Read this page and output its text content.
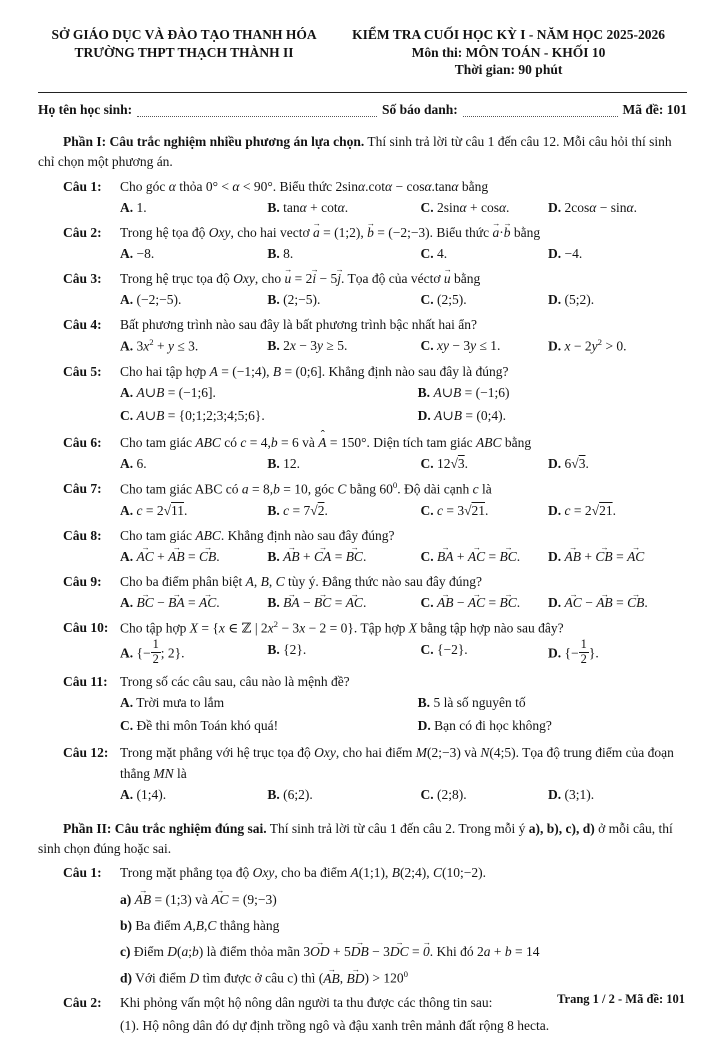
SỞ GIÁO DỤC VÀ ĐÀO TẠO THANH HÓA
TRƯỜNG THPT THẠCH THÀNH II
KIỂM TRA CUỐI HỌC KỲ I - NĂM HỌC 2025-2026
Môn thi: MÔN TOÁN - KHỐI 10
Thời gian: 90 phút
Họ tên học sinh:	Số báo danh:	Mã đề: 101

Phần I: Câu trắc nghiệm nhiều phương án lựa chọn. Thí sinh trả lời từ câu 1 đến câu 12. Mỗi câu hỏi thí sinh chỉ chọn một phương án.

Câu 1:	Cho góc α thỏa 0° < α < 90°. Biểu thức 2sinα.cotα − cosα.tanα bằng
A. 1.	B. tanα + cotα.	C. 2sinα + cosα.	D. 2cosα − sinα.
Câu 2:	Trong hệ tọa độ Oxy, cho hai vectơ → a = (1;2), → b = (−2;−3). Biểu thức → a·→ b bằng
A. −8.	B. 8.	C. 4.	D. −4.
Câu 3:	Trong hệ trục tọa độ Oxy, cho → u = 2→ i − 5→ j. Tọa độ của véctơ → u bằng
A. (−2;−5).	B. (2;−5).	C. (2;5).	D. (5;2).
Câu 4:	Bất phương trình nào sau đây là bất phương trình bậc nhất hai ẩn?
A. $3x^2 + y \le 3$.	B. 2x − 3y ≥ 5.	C. xy − 3y ≤ 1.	D. $x - 2y^2 > 0$.
Câu 5:	Cho hai tập hợp A = (−1;4), B = (0;6]. Khẳng định nào sau đây là đúng?
A. A∪B = (−1;6].	B. A∪B = (−1;6)
C. A∪B = {0;1;2;3;4;5;6}.	D. A∪B = (0;4).
Câu 6:	Cho tam giác ABC có c = 4,b = 6 và ˆ A = 150°. Diện tích tam giác ABC bằng
A. 6.	B. 12.	C. 12√3.	D. 6√3.
Câu 7:	Cho tam giác ABC có a = 8,b = 10, góc C bằng $60^0$. Độ dài cạnh c là
A. c = 2√11.	B. c = 7√2.	C. c = 3√21.	D. c = 2√21.
Câu 8:	Cho tam giác ABC. Khẳng định nào sau đây đúng?
A. → AC + → AB = → CB.	B. → AB + → CA = → BC.	C. → BA + → AC = → BC.	D. → AB + → CB = → AC
Câu 9:	Cho ba điểm phân biệt A, B, C tùy ý. Đẳng thức nào sau đây đúng?
A. → BC − → BA = → AC.	B. → BA − → BC = → AC.	C. → AB − → AC = → BC.	D. → AC − → AB = → CB.
Câu 10: Cho tập hợp X = {x ∈ ℤ | $2x^2 - 3x - 2 = 0$}. Tập hợp X bằng tập hợp nào sau đây?
A. {− $\frac{1}{2}$ ; 2}.	B. {2}.	C. {−2}.	D. {− $\frac{1}{2}$ }.
Câu 11: Trong số các câu sau, câu nào là mệnh đề?
A. Trời mưa to lắm	B. 5 là số nguyên tố
C. Đề thi môn Toán khó quá!	D. Bạn có đi học không?
Câu 12: Trong mặt phẳng với hệ trục tọa độ Oxy, cho hai điểm M(2;−3) và N(4;5). Tọa độ trung điểm của đoạn thẳng MN là
A. (1;4).	B. (6;2).	C. (2;8).	D. (3;1).

Phần II: Câu trắc nghiệm đúng sai. Thí sinh trả lời từ câu 1 đến câu 2. Trong mỗi ý a), b), c), d) ở mỗi câu, thí sinh chọn đúng hoặc sai.

Câu 1:	Trong mặt phẳng tọa độ Oxy, cho ba điểm A(1;1), B(2;4), C(10;−2).
a) → AB = (1;3) và → AC = (9;−3)
b) Ba điểm A,B,C thẳng hàng
c) Điểm D(a;b) là điểm thỏa mãn 3→ OD + 5→ DB − 3→ DC = → 0. Khi đó 2a + b = 14
d) Với điểm D tìm được ở câu c) thì (→ AB, → $BD) > 120^0$
Câu 2:	Khi phỏng vấn một hộ nông dân người ta thu được các thông tin sau:
(1). Hộ nông dân đó dự định trồng ngô và đậu xanh trên mảnh đất rộng 8 hecta.
Trang 1 / 2 - Mã đề: 101
